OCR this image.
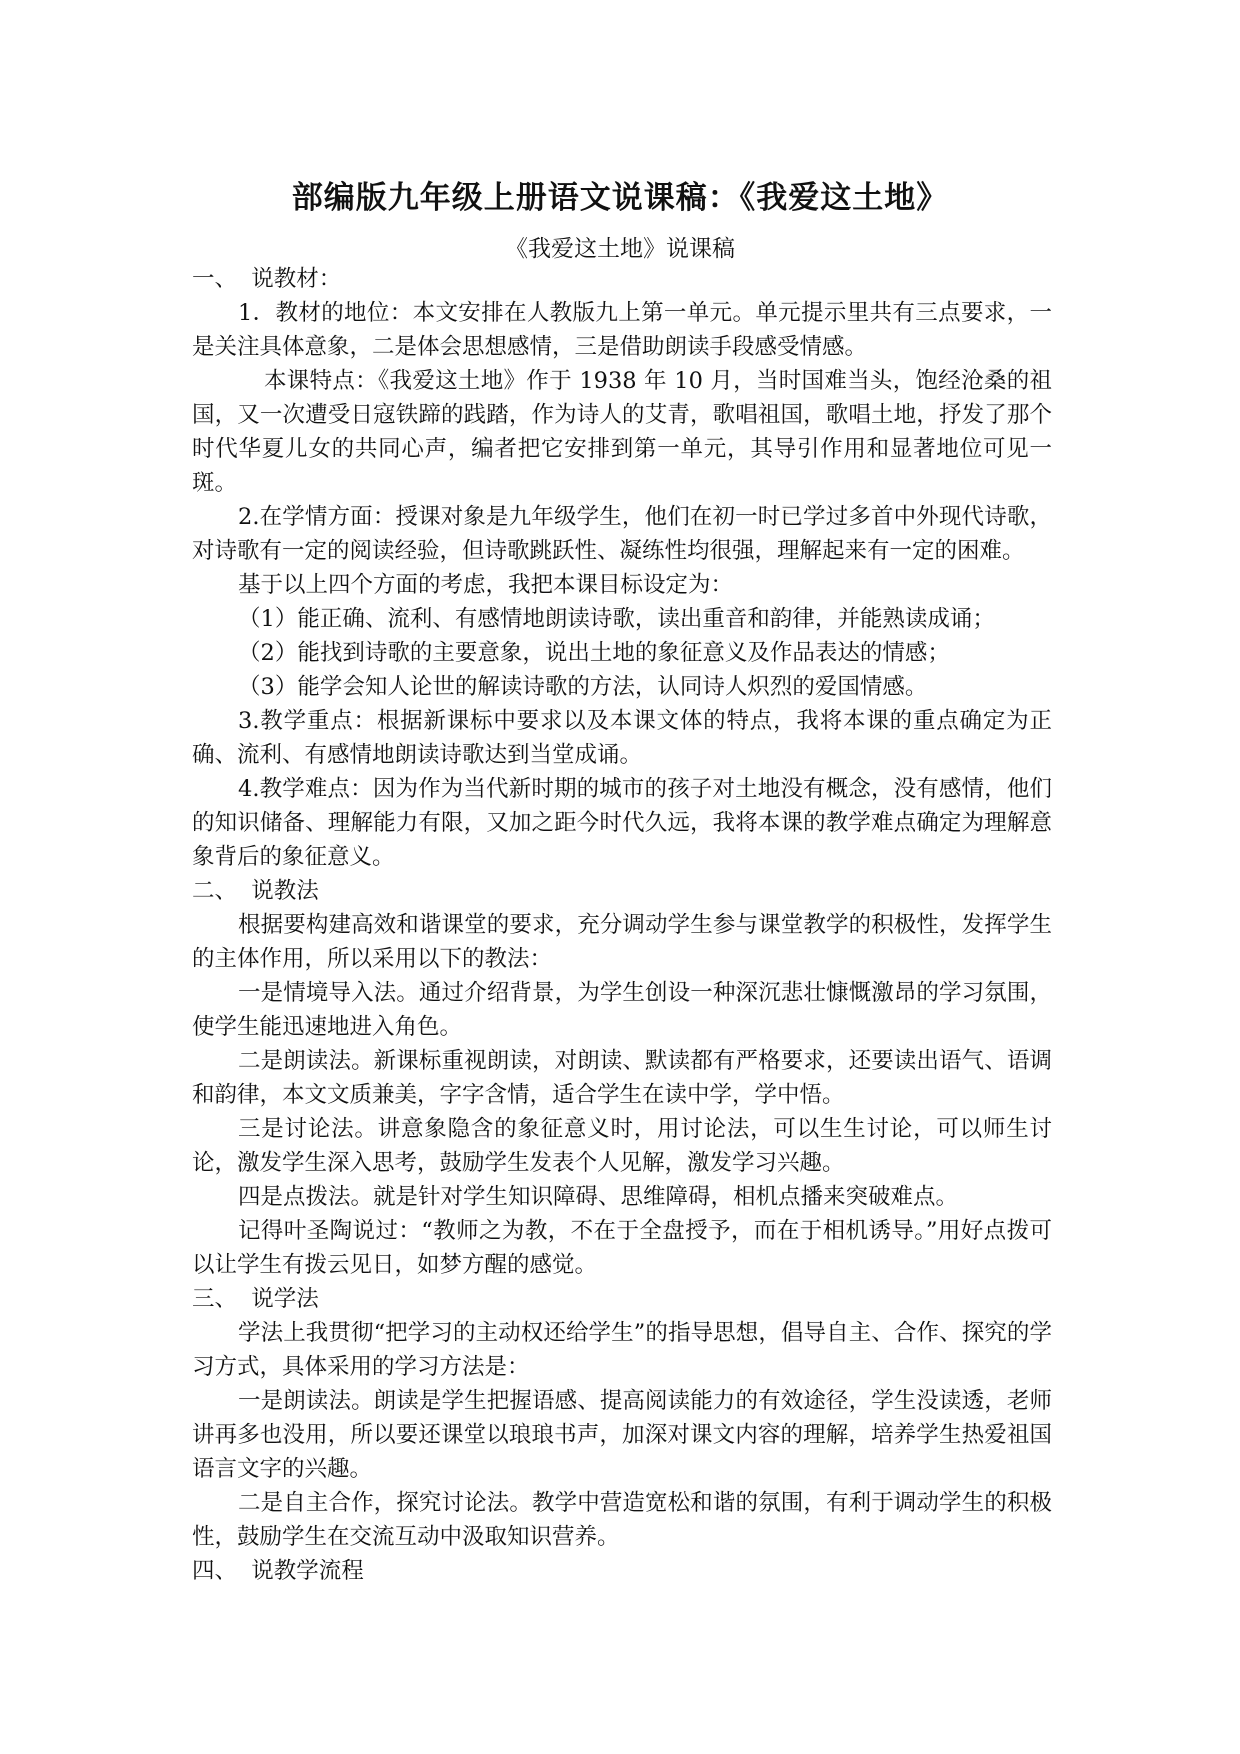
部编版九年级上册语文说课稿：《我爱这土地》
《我爱这土地》说课稿

一、  说教材：

1．教材的地位：本文安排在人教版九上第一单元。单元提示里共有三点要求，一是关注具体意象，二是体会思想感情，三是借助朗读手段感受情感。

本课特点：《我爱这土地》作于 1938 年 10 月，当时国难当头，饱经沧桑的祖国，又一次遭受日寇铁蹄的践踏，作为诗人的艾青，歌唱祖国，歌唱土地，抒发了那个时代华夏儿女的共同心声，编者把它安排到第一单元，其导引作用和显著地位可见一斑。

2.在学情方面：授课对象是九年级学生，他们在初一时已学过多首中外现代诗歌，对诗歌有一定的阅读经验，但诗歌跳跃性、凝练性均很强，理解起来有一定的困难。

基于以上四个方面的考虑，我把本课目标设定为：

（1）能正确、流利、有感情地朗读诗歌，读出重音和韵律，并能熟读成诵；

（2）能找到诗歌的主要意象，说出土地的象征意义及作品表达的情感；

（3）能学会知人论世的解读诗歌的方法，认同诗人炽烈的爱国情感。

3.教学重点：根据新课标中要求以及本课文体的特点，我将本课的重点确定为正确、流利、有感情地朗读诗歌达到当堂成诵。

4.教学难点：因为作为当代新时期的城市的孩子对土地没有概念，没有感情，他们的知识储备、理解能力有限，又加之距今时代久远，我将本课的教学难点确定为理解意象背后的象征意义。

二、  说教法

根据要构建高效和谐课堂的要求，充分调动学生参与课堂教学的积极性，发挥学生的主体作用，所以采用以下的教法：

一是情境导入法。通过介绍背景，为学生创设一种深沉悲壮慷慨激昂的学习氛围，使学生能迅速地进入角色。

二是朗读法。新课标重视朗读，对朗读、默读都有严格要求，还要读出语气、语调和韵律，本文文质兼美，字字含情，适合学生在读中学，学中悟。

三是讨论法。讲意象隐含的象征意义时，用讨论法，可以生生讨论，可以师生讨论，激发学生深入思考，鼓励学生发表个人见解，激发学习兴趣。

四是点拨法。就是针对学生知识障碍、思维障碍，相机点播来突破难点。

记得叶圣陶说过：“教师之为教，不在于全盘授予，而在于相机诱导。”用好点拨可以让学生有拨云见日，如梦方醒的感觉。

三、  说学法

学法上我贯彻“把学习的主动权还给学生”的指导思想，倡导自主、合作、探究的学习方式，具体采用的学习方法是：

一是朗读法。朗读是学生把握语感、提高阅读能力的有效途径，学生没读透，老师讲再多也没用，所以要还课堂以琅琅书声，加深对课文内容的理解，培养学生热爱祖国语言文字的兴趣。

二是自主合作，探究讨论法。教学中营造宽松和谐的氛围，有利于调动学生的积极性，鼓励学生在交流互动中汲取知识营养。

四、  说教学流程
